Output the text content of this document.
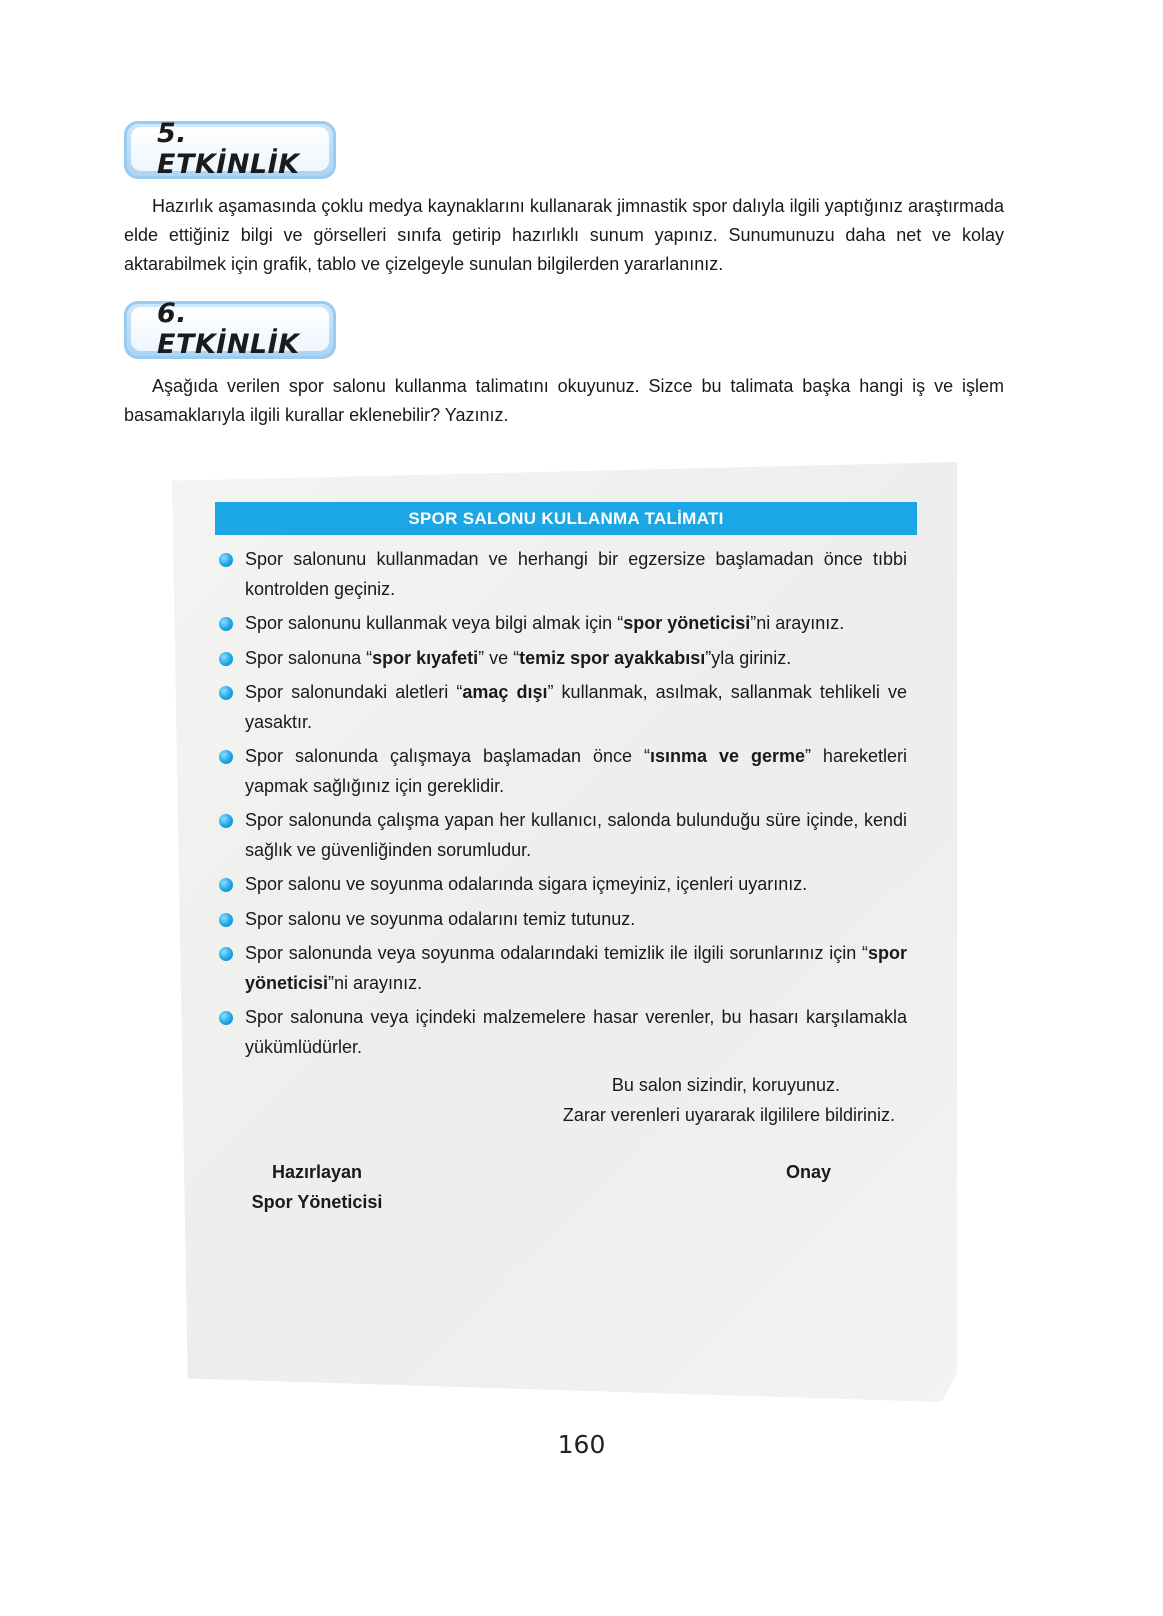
5. ETKİNLİK

Hazırlık aşamasında çoklu medya kaynaklarını kullanarak jimnastik spor dalıyla ilgili yaptığınız araştırmada elde ettiğiniz bilgi ve görselleri sınıfa getirip hazırlıklı sunum yapınız. Sunumunuzu daha net ve kolay aktarabilmek için grafik, tablo ve çizelgeyle sunulan bilgilerden yararlanınız.

6. ETKİNLİK

Aşağıda verilen spor salonu kullanma talimatını okuyunuz. Sizce bu talimata başka hangi iş ve işlem basamaklarıyla ilgili kurallar eklenebilir? Yazınız.

SPOR SALONU KULLANMA TALİMATI
Spor salonunu kullanmadan ve herhangi bir egzersize başlamadan önce tıbbi kontrolden geçiniz.
Spor salonunu kullanmak veya bilgi almak için “spor yöneticisi”ni arayınız.
Spor salonuna “spor kıyafeti” ve “temiz spor ayakkabısı”yla giriniz.
Spor salonundaki aletleri “amaç dışı” kullanmak, asılmak, sallanmak tehlikeli ve yasaktır.
Spor salonunda çalışmaya başlamadan önce “ısınma ve germe” hareketleri yapmak sağlığınız için gereklidir.
Spor salonunda çalışma yapan her kullanıcı, salonda bulunduğu süre içinde, kendi sağlık ve güvenliğinden sorumludur.
Spor salonu ve soyunma odalarında sigara içmeyiniz, içenleri uyarınız.
Spor salonu ve soyunma odalarını temiz tutunuz.
Spor salonunda veya soyunma odalarındaki temizlik ile ilgili sorunlarınız için “spor yöneticisi”ni arayınız.
Spor salonuna veya içindeki malzemelere hasar verenler, bu hasarı karşılamakla yükümlüdürler.
Bu salon sizindir, koruyunuz.
Zarar verenleri uyararak ilgililere bildiriniz.
Hazırlayan
Spor Yöneticisi
Onay
160
